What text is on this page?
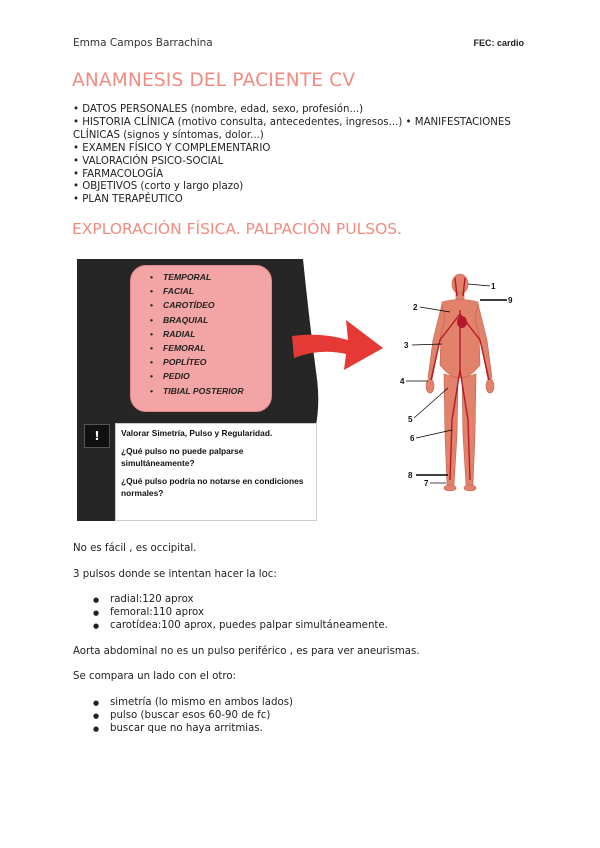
Emma Campos Barrachina	FEC: cardio
ANAMNESIS DEL PACIENTE CV
• DATOS PERSONALES (nombre, edad, sexo, profesión...)
• HISTORIA CLÍNICA (motivo consulta, antecedentes, ingresos...) • MANIFESTACIONES
CLÍNICAS (signos y síntomas, dolor...)
• EXAMEN FÍSICO Y COMPLEMENTARIO
• VALORACIÓN PSICO-SOCIAL
• FARMACOLOGÍA
• OBJETIVOS (corto y largo plazo)
• PLAN TERAPÉUTICO
EXPLORACIÓN FÍSICA. PALPACIÓN PULSOS.
• TEMPORAL
• FACIAL
• CAROTÍDEO
• BRAQUIAL
• RADIAL
• FEMORAL
• POPLÍTEO
• PEDIO
• TIBIAL POSTERIOR
!	Valorar Simetría, Pulso y Regularidad.

¿Qué pulso no puede palparse simultáneamente?

¿Qué pulso podría no notarse en condiciones normales?

1
9
2
3
4
5
6
8
7

No es fácil , es occipital.

3 pulsos donde se intentan hacer la loc:

● radial:120 aprox
● femoral:110 aprox
● carotídea:100 aprox, puedes palpar simultáneamente.

Aorta abdominal no es un pulso periférico , es para ver aneurismas.

Se compara un lado con el otro:

● simetría (lo mismo en ambos lados)
● pulso (buscar esos 60-90 de fc)
● buscar que no haya arritmias.
